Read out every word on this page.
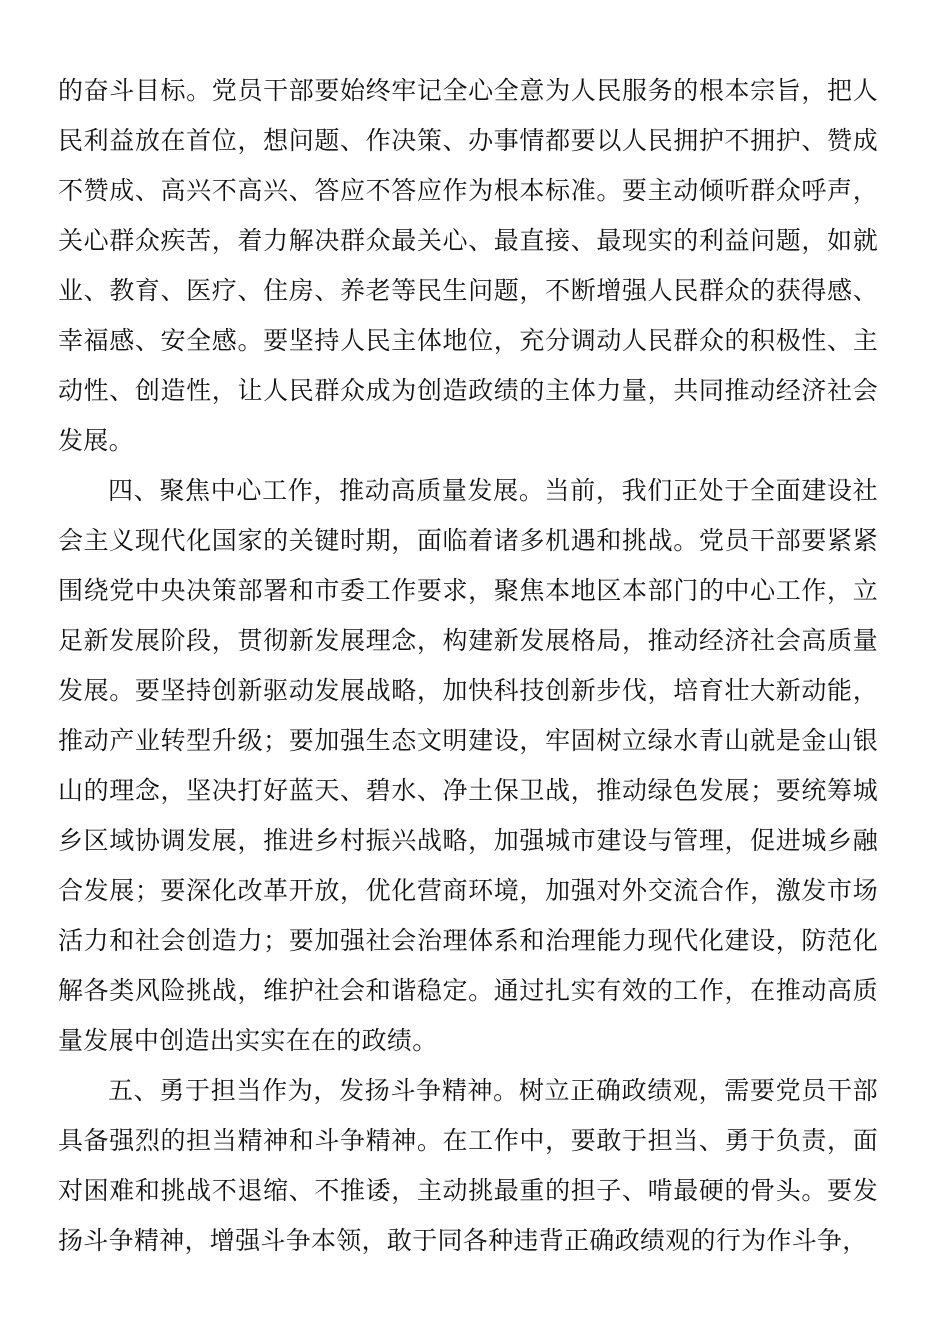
的奋斗目标。党员干部要始终牢记全心全意为人民服务的根本宗旨，把人民利益放在首位，想问题、作决策、办事情都要以人民拥护不拥护、赞成不赞成、高兴不高兴、答应不答应作为根本标准。要主动倾听群众呼声，关心群众疾苦，着力解决群众最关心、最直接、最现实的利益问题，如就业、教育、医疗、住房、养老等民生问题，不断增强人民群众的获得感、幸福感、安全感。要坚持人民主体地位，充分调动人民群众的积极性、主动性、创造性，让人民群众成为创造政绩的主体力量，共同推动经济社会发展。

四、聚焦中心工作，推动高质量发展。当前，我们正处于全面建设社会主义现代化国家的关键时期，面临着诸多机遇和挑战。党员干部要紧紧围绕党中央决策部署和市委工作要求，聚焦本地区本部门的中心工作，立足新发展阶段，贯彻新发展理念，构建新发展格局，推动经济社会高质量发展。要坚持创新驱动发展战略，加快科技创新步伐，培育壮大新动能，推动产业转型升级；要加强生态文明建设，牢固树立绿水青山就是金山银山的理念，坚决打好蓝天、碧水、净土保卫战，推动绿色发展；要统筹城乡区域协调发展，推进乡村振兴战略，加强城市建设与管理，促进城乡融合发展；要深化改革开放，优化营商环境，加强对外交流合作，激发市场活力和社会创造力；要加强社会治理体系和治理能力现代化建设，防范化解各类风险挑战，维护社会和谐稳定。通过扎实有效的工作，在推动高质量发展中创造出实实在在的政绩。

五、勇于担当作为，发扬斗争精神。树立正确政绩观，需要党员干部具备强烈的担当精神和斗争精神。在工作中，要敢于担当、勇于负责，面对困难和挑战不退缩、不推诿，主动挑最重的担子、啃最硬的骨头。要发扬斗争精神，增强斗争本领，敢于同各种违背正确政绩观的行为作斗争，
